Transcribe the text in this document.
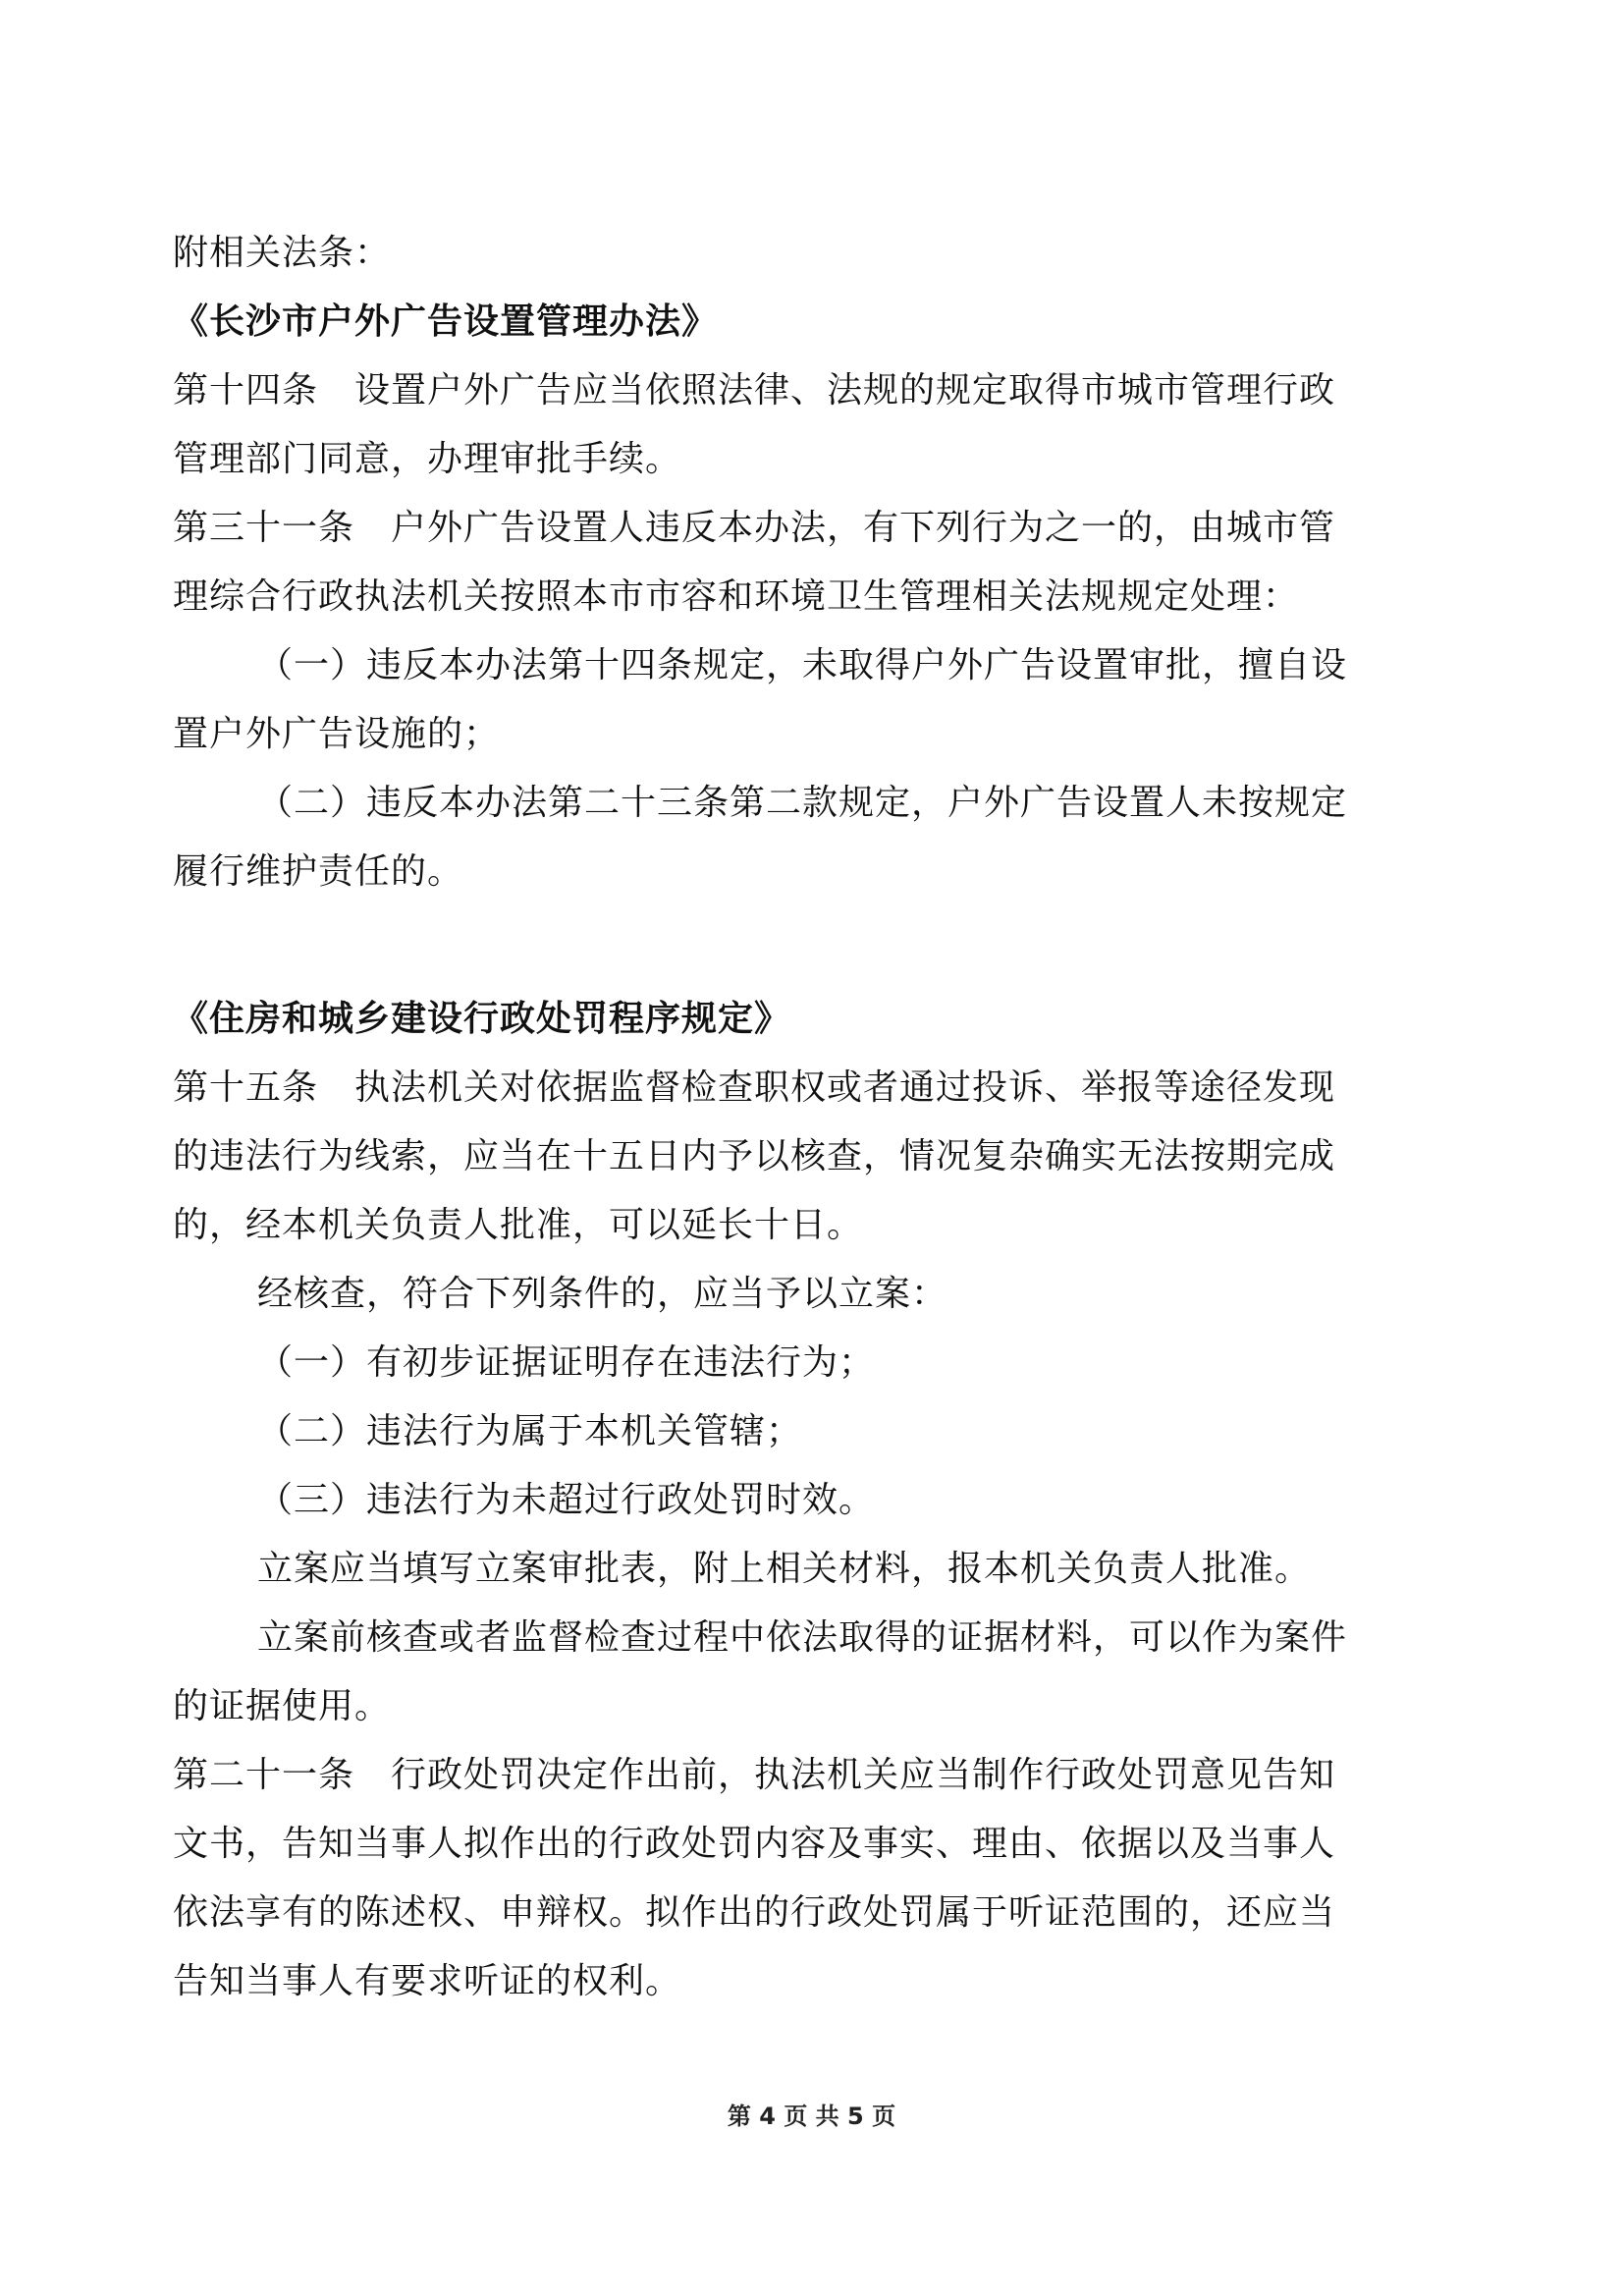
附相关法条：
《长沙市户外广告设置管理办法》
第十四条　设置户外广告应当依照法律、法规的规定取得市城市管理行政
管理部门同意，办理审批手续。
第三十一条　户外广告设置人违反本办法，有下列行为之一的，由城市管
理综合行政执法机关按照本市市容和环境卫生管理相关法规规定处理：
（一）违反本办法第十四条规定，未取得户外广告设置审批，擅自设
置户外广告设施的；
（二）违反本办法第二十三条第二款规定，户外广告设置人未按规定
履行维护责任的。
《住房和城乡建设行政处罚程序规定》
第十五条　执法机关对依据监督检查职权或者通过投诉、举报等途径发现
的违法行为线索，应当在十五日内予以核查，情况复杂确实无法按期完成
的，经本机关负责人批准，可以延长十日。
经核查，符合下列条件的，应当予以立案：
（一）有初步证据证明存在违法行为；
（二）违法行为属于本机关管辖；
（三）违法行为未超过行政处罚时效。
立案应当填写立案审批表，附上相关材料，报本机关负责人批准。
立案前核查或者监督检查过程中依法取得的证据材料，可以作为案件
的证据使用。
第二十一条　行政处罚决定作出前，执法机关应当制作行政处罚意见告知
文书，告知当事人拟作出的行政处罚内容及事实、理由、依据以及当事人
依法享有的陈述权、申辩权。拟作出的行政处罚属于听证范围的，还应当
告知当事人有要求听证的权利。
第 4 页 共 5 页
